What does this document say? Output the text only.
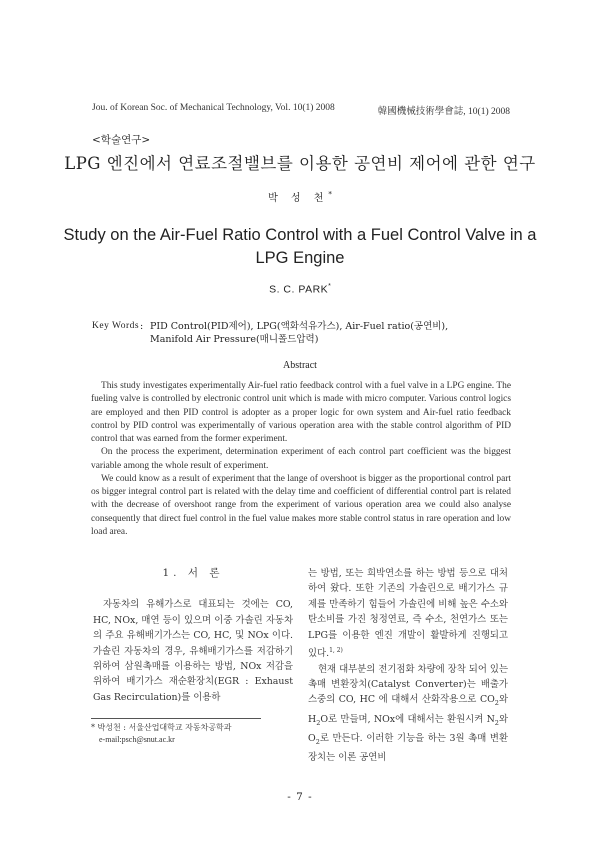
Jou. of Korean Soc. of Mechanical Technology, Vol. 10(1) 2008	韓國機械技術學會誌, 10(1) 2008
<학술연구>
LPG 엔진에서 연료조절밸브를 이용한 공연비 제어에 관한 연구
박 성 천*
Study on the Air-Fuel Ratio Control with a Fuel Control Valve in a LPG Engine
S. C. PARK*
Key Words : PID Control(PID제어), LPG(액화석유가스), Air-Fuel ratio(공연비),
Manifold Air Pressure(매니폴드압력)
Abstract

This study investigates experimentally Air-fuel ratio feedback control with a fuel valve in a LPG engine. The fueling valve is controlled by electronic control unit which is made with micro computer. Various control logics are employed and then PID control is adopter as a proper logic for own system and Air-fuel ratio feedback control by PID control was experimentally of various operation area with the stable control algorithm of PID control that was earned from the former experiment.

On the process the experiment, determination experiment of each control part coefficient was the biggest variable among the whole result of experiment.

We could know as a result of experiment that the lange of overshoot is bigger as the proportional control part os bigger integral control part is related with the delay time and coefficient of differential control part is related with the decrease of overshoot range from the experiment of various operation area we could also analyse consequently that direct fuel control in the fuel value makes more stable control status in rare operation and low load area.

1. 서 론

자동차의 유해가스로 대표되는 것에는 CO, HC, NOx, 매연 등이 있으며 이중 가솔린 자동차의 주요 유해배기가스는 CO, HC, 및 NOx 이다. 가솔린 자동차의 경우, 유해배기가스를 저감하기 위하여 삼원촉매를 이용하는 방법, NOx 저감을 위하여 배기가스 재순환장치(EGR : Exhaust Gas Recirculation)를 이용하

는 방법, 또는 희박연소를 하는 방법 등으로 대처하여 왔다. 또한 기존의 가솔린으로 배기가스 규제를 만족하기 힘들어 가솔린에 비해 높은 수소와 탄소비를 가진 청정연료, 즉 수소, 천연가스 또는 LPG를 이용한 엔진 개발이 활발하게 진행되고 있다.$^{1, 2)}$

현재 대부분의 전기점화 차량에 장착 되어 있는 촉매 변환장치(Catalyst Converter)는 배출가스중의 CO, HC 에 대해서 산화작용으로 $CO_2$와 $H_2O$로 만들며, NOx에 대해서는 환원시켜 $N_2$와 $O_2$로 만든다. 이러한 기능을 하는 3원 촉매 변환장치는 이론 공연비

* 박성천 : 서울산업대학교 자동차공학과
e-mail:psch@snut.ac.kr
- 7 -
